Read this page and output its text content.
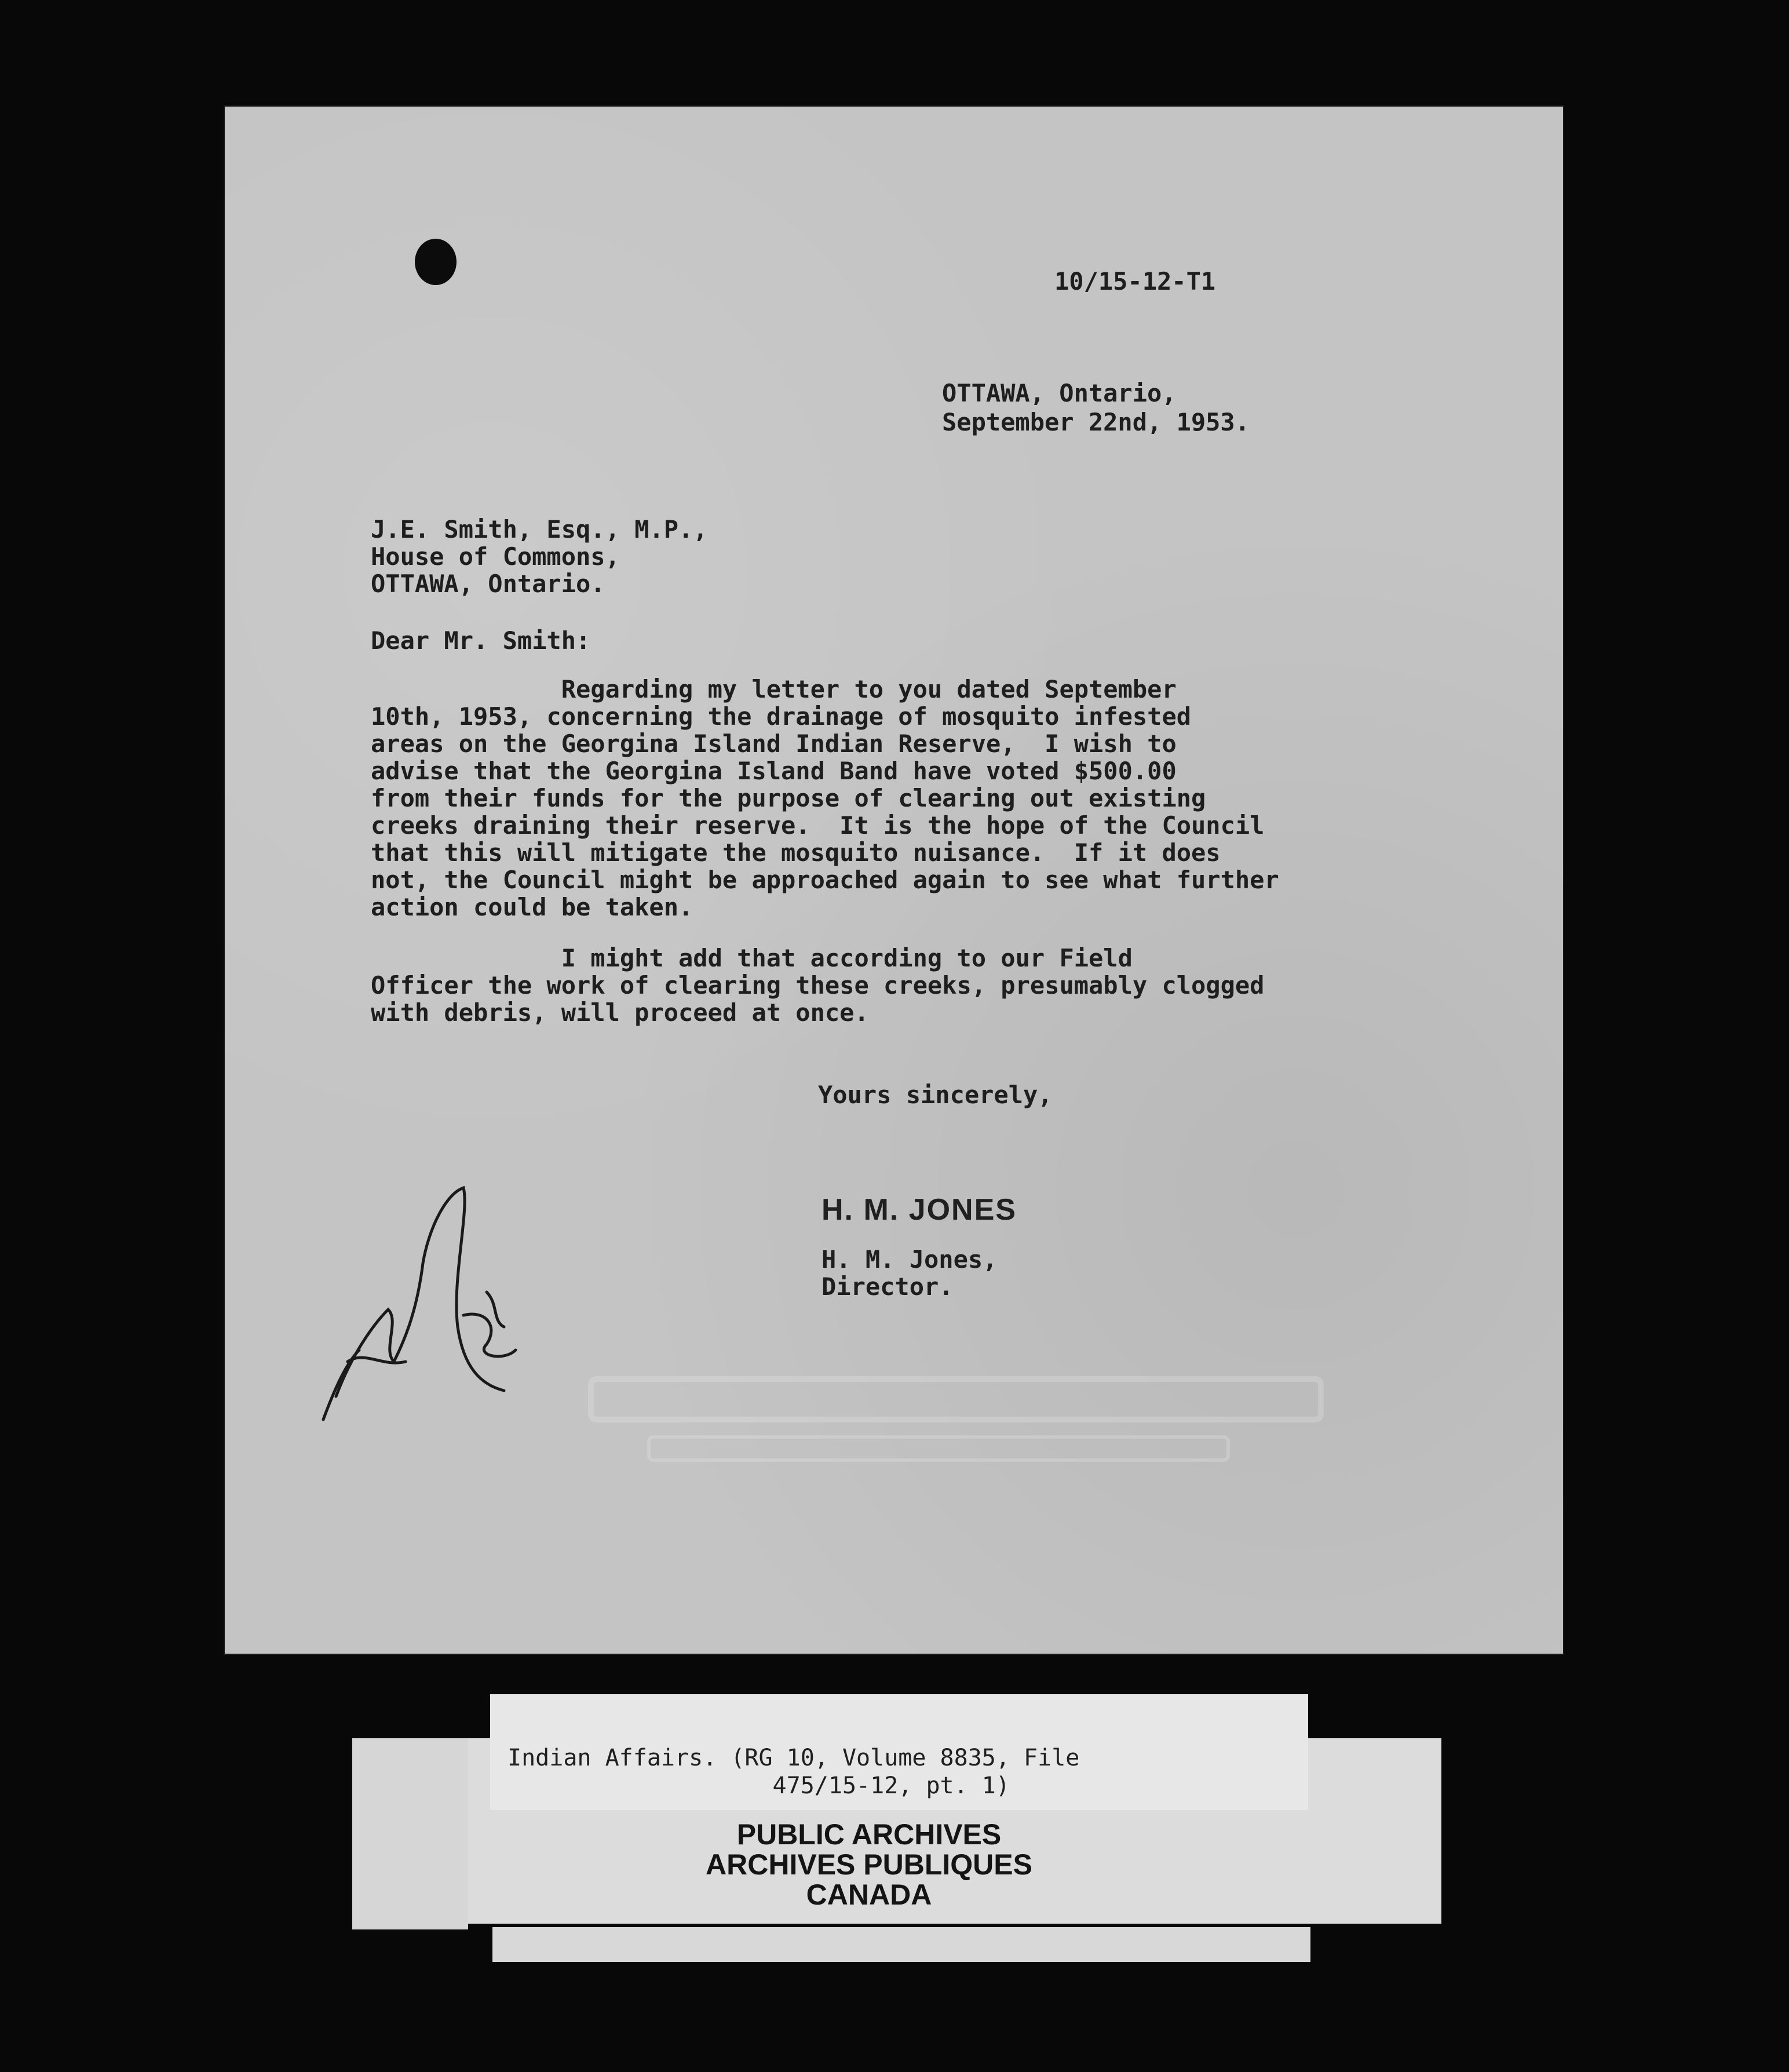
10/15-12-T1

OTTAWA, Ontario,
September 22nd, 1953.
J.E. Smith, Esq., M.P.,
House of Commons,
OTTAWA, Ontario.

Dear Mr. Smith:

Regarding my letter to you dated September
10th, 1953, concerning the drainage of mosquito infested
areas on the Georgina Island Indian Reserve,  I wish to
advise that the Georgina Island Band have voted $500.00
from their funds for the purpose of clearing out existing
creeks draining their reserve.  It is the hope of the Council
that this will mitigate the mosquito nuisance.  If it does
not, the Council might be approached again to see what further
action could be taken.
I might add that according to our Field
Officer the work of clearing these creeks, presumably clogged
with debris, will proceed at once.

Yours sincerely,

H. M. JONES

H. M. Jones,
Director.
Indian Affairs. (RG 10, Volume 8835, File
475/15-12, pt. 1)
PUBLIC ARCHIVES
ARCHIVES PUBLIQUES
CANADA
